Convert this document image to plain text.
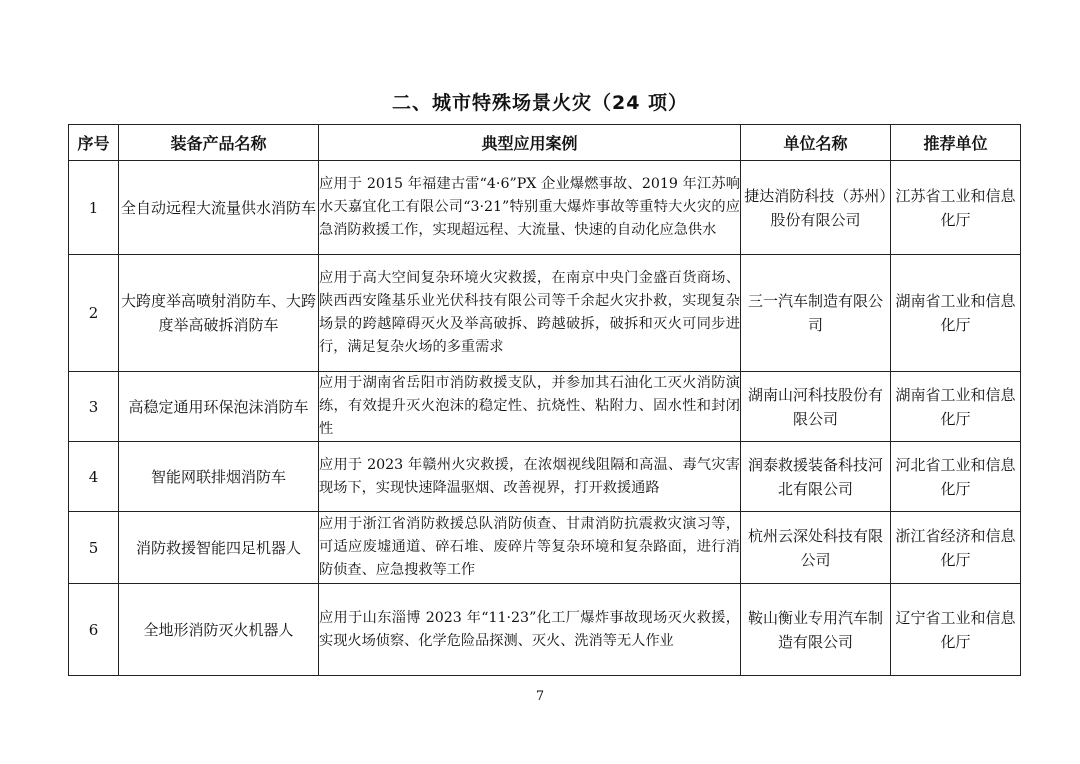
二、城市特殊场景火灾（24 项）
序号	装备产品名称	典型应用案例	单位名称	推荐单位
1	全自动远程大流量供水消防车	应用于 2015 年福建古雷“4·6”PX 企业爆燃事故、2019 年江苏响水天嘉宜化工有限公司“3·21”特别重大爆炸事故等重特大火灾的应急消防救援工作，实现超远程、大流量、快速的自动化应急供水	捷达消防科技（苏州）股份有限公司	江苏省工业和信息化厅
2	大跨度举高喷射消防车、大跨度举高破拆消防车	应用于高大空间复杂环境火灾救援，在南京中央门金盛百货商场、陕西西安隆基乐业光伏科技有限公司等千余起火灾扑救，实现复杂场景的跨越障碍灭火及举高破拆、跨越破拆，破拆和灭火可同步进行，满足复杂火场的多重需求	三一汽车制造有限公司	湖南省工业和信息化厅
3	高稳定通用环保泡沫消防车	应用于湖南省岳阳市消防救援支队，并参加其石油化工灭火消防演练，有效提升灭火泡沫的稳定性、抗烧性、粘附力、固水性和封闭性	湖南山河科技股份有限公司	湖南省工业和信息化厅
4	智能网联排烟消防车	应用于 2023 年赣州火灾救援，在浓烟视线阻隔和高温、毒气灾害现场下，实现快速降温驱烟、改善视界，打开救援通路	润泰救援装备科技河北有限公司	河北省工业和信息化厅
5	消防救援智能四足机器人	应用于浙江省消防救援总队消防侦查、甘肃消防抗震救灾演习等，可适应废墟通道、碎石堆、废碎片等复杂环境和复杂路面，进行消防侦查、应急搜救等工作	杭州云深处科技有限公司	浙江省经济和信息化厅
6	全地形消防灭火机器人	应用于山东淄博 2023 年“11·23”化工厂爆炸事故现场灭火救援，实现火场侦察、化学危险品探测、灭火、洗消等无人作业	鞍山衡业专用汽车制造有限公司	辽宁省工业和信息化厅
7
